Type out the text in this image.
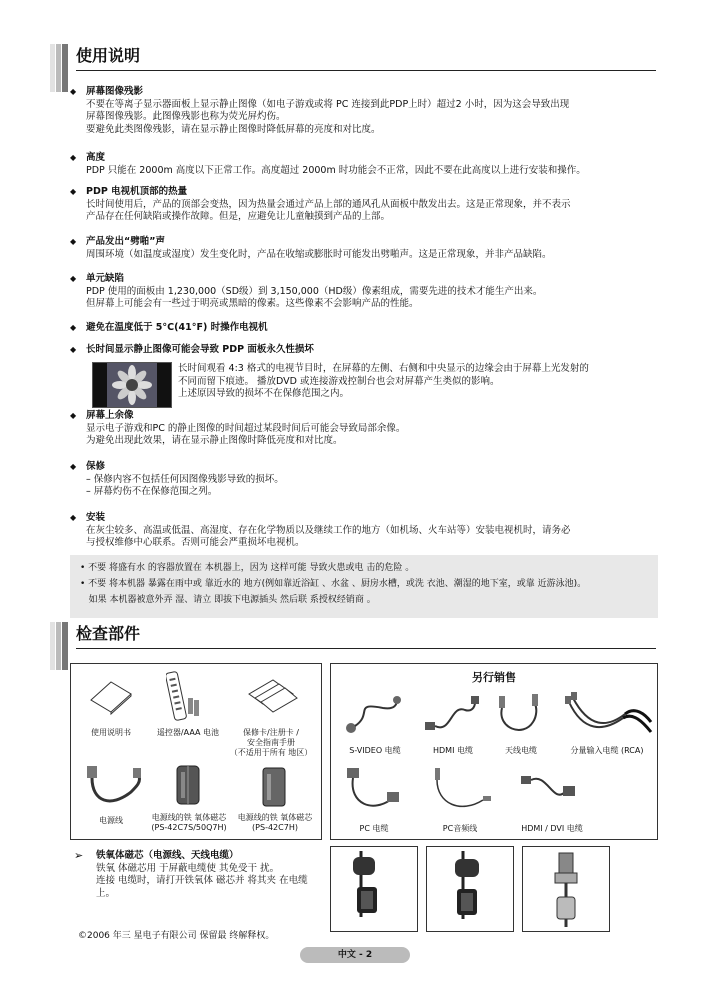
使用说明
◆ 屏幕图像残影
不要在等离子显示器面板上显示静止图像（如电子游戏或将 PC 连接到此PDP上时）超过2 小时，因为这会导致出现
屏幕图像残影。此图像残影也称为荧光屏灼伤。
要避免此类图像残影，请在显示静止图像时降低屏幕的亮度和对比度。
◆ 高度
PDP 只能在 2000m 高度以下正常工作。高度超过 2000m 时功能会不正常，因此不要在此高度以上进行安装和操作。
◆ PDP 电视机顶部的热量
长时间使用后，产品的顶部会变热，因为热量会通过产品上部的通风孔从面板中散发出去。这是正常现象，并不表示
产品存在任何缺陷或操作故障。但是，应避免让儿童触摸到产品的上部。
◆ 产品发出“劈啪”声
周围环境（如温度或湿度）发生变化时，产品在收缩或膨胀时可能发出劈啪声。这是正常现象，并非产品缺陷。
◆ 单元缺陷
PDP 使用的面板由 1,230,000（SD级）到 3,150,000（HD级）像素组成，需要先进的技术才能生产出来。
但屏幕上可能会有一些过于明亮或黑暗的像素。这些像素不会影响产品的性能。
◆ 避免在温度低于 5°C(41°F) 时操作电视机
◆ 长时间显示静止图像可能会导致 PDP 面板永久性损坏
长时间观看 4:3 格式的电视节目时，在屏幕的左侧、右侧和中央显示的边缘会由于屏幕上光发射的
不同而留下痕迹。 播放DVD 或连接游戏控制台也会对屏幕产生类似的影响。
上述原因导致的损坏不在保修范围之内。
◆ 屏幕上余像
显示电子游戏和PC 的静止图像的时间超过某段时间后可能会导致局部余像。
为避免出现此效果，请在显示静止图像时降低亮度和对比度。
◆ 保修
– 保修内容不包括任何因图像残影导致的损坏。
– 屏幕灼伤不在保修范围之列。
◆ 安装
在灰尘较多、高温或低温、高湿度、存在化学物质以及继续工作的地方（如机场、火车站等）安装电视机时，请务必
与授权维修中心联系。否则可能会严重损坏电视机。
• 不要 将盛有水 的容器放置在 本机器上，因为 这样可能 导致火患或电 击的危险 。
• 不要 将本机器 暴露在雨中或 靠近水的 地方(例如靠近浴缸 、水盆 、厨房水槽，或洗 衣池、潮湿的地下室，或靠 近游泳池)。
如果 本机器被意外弄 湿、请立 即拔下电源插头 然后联 系授权经销商 。
检查部件
使用说明书	遥控器/AAA 电池	保修卡/注册卡 /
安全指南手册
（不适用于所有 地区）
电源线	电源线的铁 氧体磁芯
(PS-42C7S/50Q7H)
电源线的铁 氧体磁芯
(PS-42C7H)
另行销售
S-VIDEO 电缆	HDMI 电缆	天线电缆	分量输入电缆 (RCA)
PC 电缆	PC音频线	HDMI / DVI 电缆
➢ 铁氧体磁芯（电源线、天线电缆）
铁氧 体磁芯用 于屏蔽电缆使 其免受干 扰。
连接 电缆时，请打开铁氧体 磁芯并 将其夹 在电缆
上。
©2006 年三 星电子有限公司 保留最 终解释权。
中文 - 2
